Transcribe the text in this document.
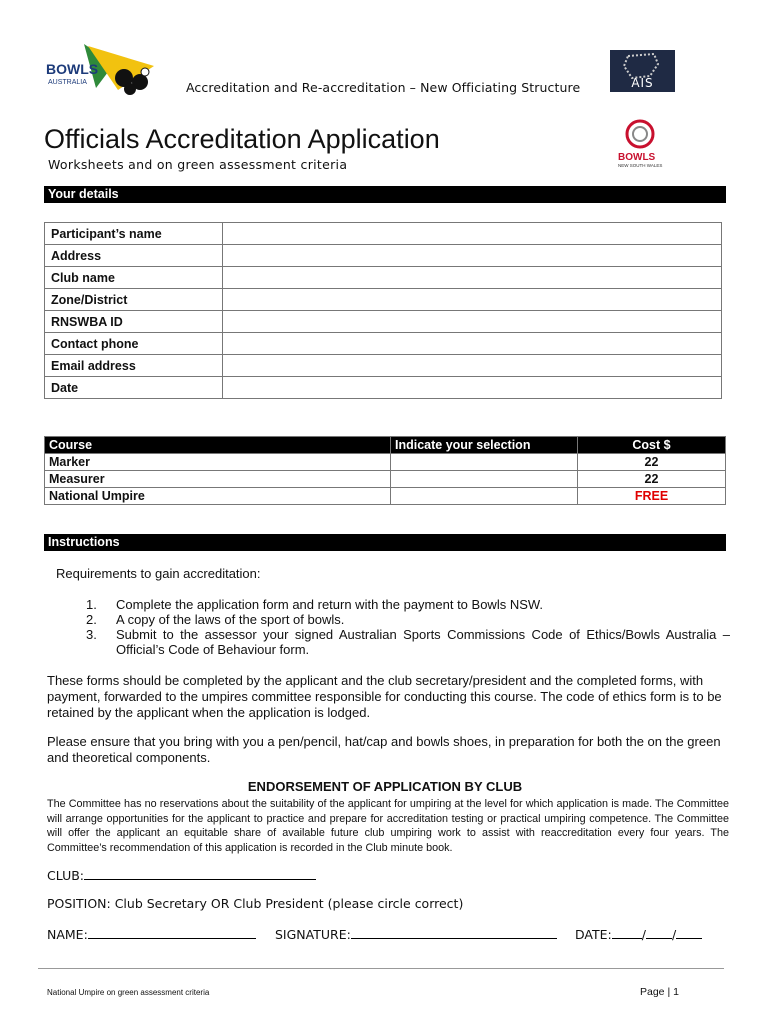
BOWLS
AUSTRALIA	Accreditation and Re-accreditation – New Officiating Structure	AIS
BOWLS
NEW SOUTH WALES
Officials Accreditation Application
Worksheets and on green assessment criteria
Your details
Participant’s name	
Address	
Club name	
Zone/District	
RNSWBA ID	
Contact phone	
Email address	
Date	
Course	Indicate your selection	Cost $
Marker		22
Measurer		22
National Umpire		FREE
Instructions
Requirements to gain accreditation:
1. Complete the application form and return with the payment to Bowls NSW.
2. A copy of the laws of the sport of bowls.
3. Submit to the assessor your signed Australian Sports Commissions Code of Ethics/Bowls Australia – Official’s Code of Behaviour form.
These forms should be completed by the applicant and the club secretary/president and the completed forms, with payment, forwarded to the umpires committee responsible for conducting this course. The code of ethics form is to be retained by the applicant when the application is lodged.
Please ensure that you bring with you a pen/pencil, hat/cap and bowls shoes, in preparation for both the on the green and theoretical components.
ENDORSEMENT OF APPLICATION BY CLUB
The Committee has no reservations about the suitability of the applicant for umpiring at the level for which application is made. The Committee will arrange opportunities for the applicant to practice and prepare for accreditation testing or practical umpiring competence. The Committee will offer the applicant an equitable share of available future club umpiring work to assist with reaccreditation every four years. The Committee’s recommendation of this application is recorded in the Club minute book.
CLUB:
POSITION: Club Secretary OR Club President (please circle correct)
NAME:	SIGNATURE:	DATE: / /
National Umpire on green assessment criteria	Page | 1
